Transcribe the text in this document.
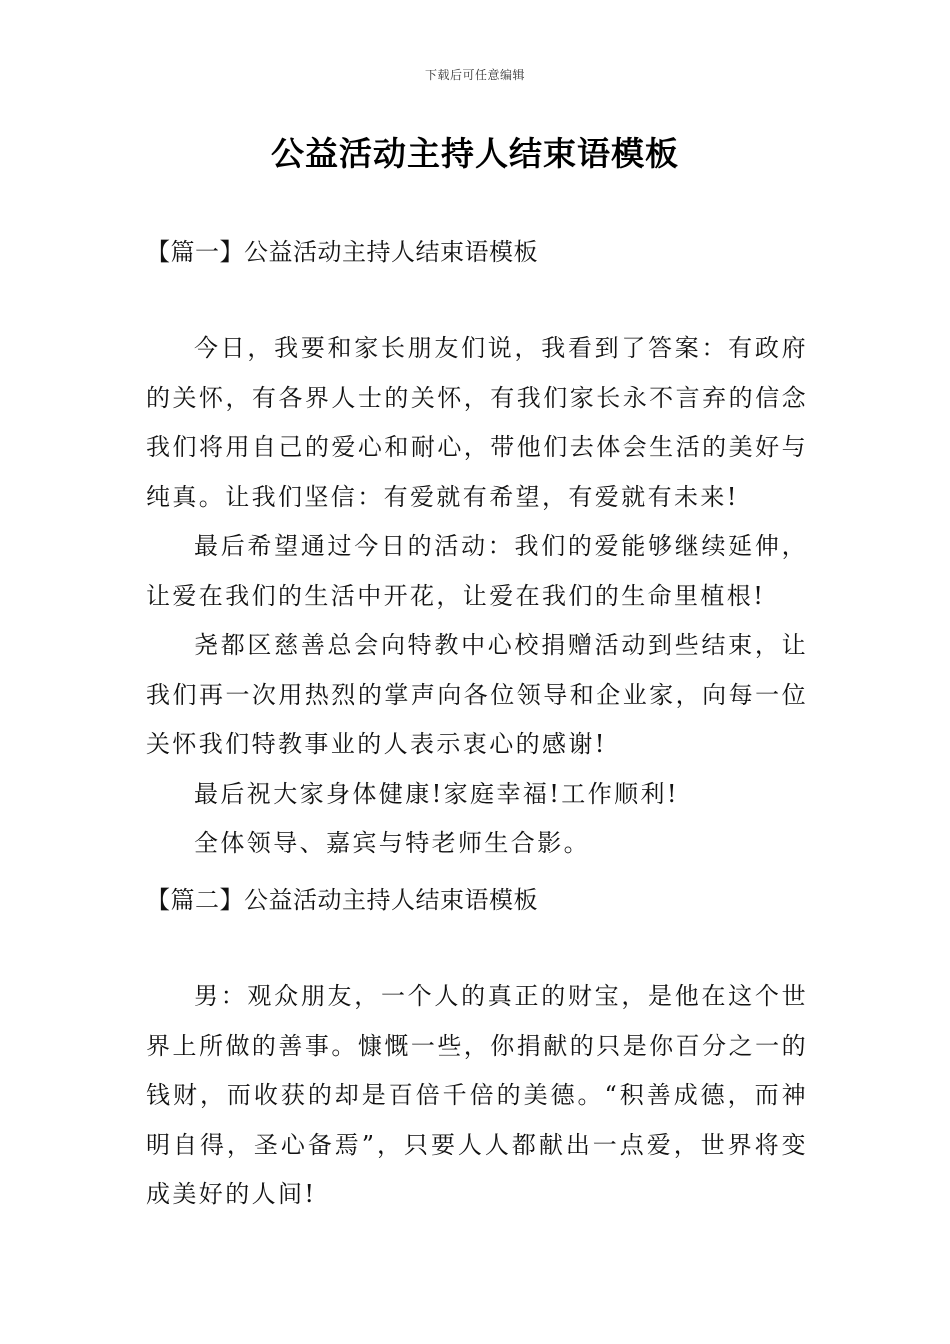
下载后可任意编辑
公益活动主持人结束语模板
【篇一】公益活动主持人结束语模板

今日，我要和家长朋友们说，我看到了答案：有政府的关怀，有各界人士的关怀，有我们家长永不言弃的信念我们将用自己的爱心和耐心，带他们去体会生活的美好与纯真。让我们坚信：有爱就有希望，有爱就有未来!

最后希望通过今日的活动：我们的爱能够继续延伸，让爱在我们的生活中开花，让爱在我们的生命里植根!

尧都区慈善总会向特教中心校捐赠活动到些结束，让我们再一次用热烈的掌声向各位领导和企业家，向每一位关怀我们特教事业的人表示衷心的感谢!

最后祝大家身体健康!家庭幸福!工作顺利!

全体领导、嘉宾与特老师生合影。

【篇二】公益活动主持人结束语模板

男：观众朋友，一个人的真正的财宝，是他在这个世界上所做的善事。慷慨一些，你捐献的只是你百分之一的钱财，而收获的却是百倍千倍的美德。“积善成德，而神明自得，圣心备焉”，只要人人都献出一点爱，世界将变成美好的人间!
